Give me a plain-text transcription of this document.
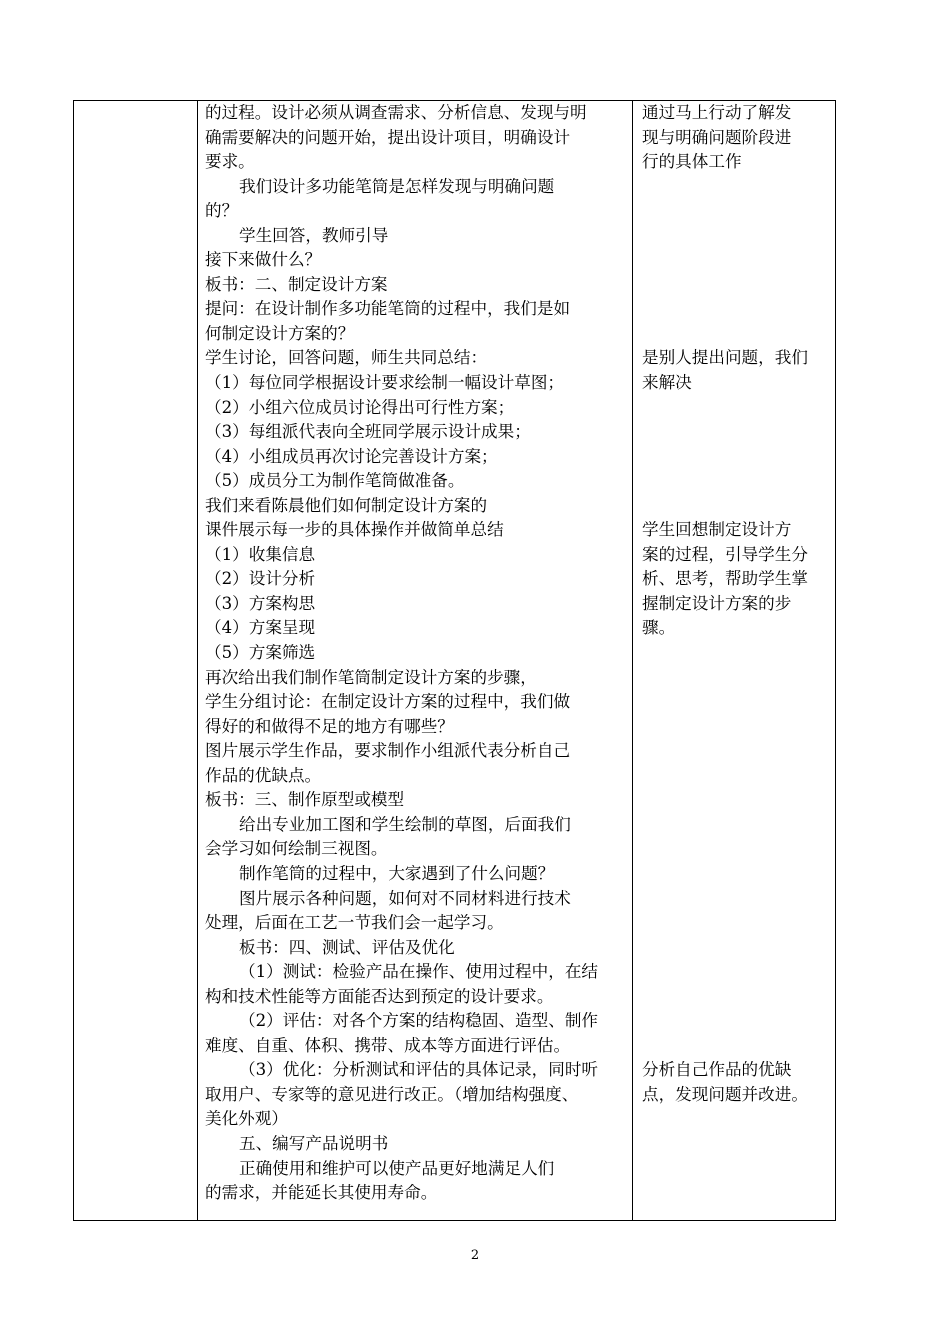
的过程。设计必须从调查需求、分析信息、发现与明
确需要解决的问题开始，提出设计项目，明确设计
要求。
我们设计多功能笔筒是怎样发现与明确问题
的？
学生回答，教师引导
接下来做什么？
板书：二、制定设计方案
提问：在设计制作多功能笔筒的过程中，我们是如
何制定设计方案的？
学生讨论，回答问题，师生共同总结：
（1）每位同学根据设计要求绘制一幅设计草图；
（2）小组六位成员讨论得出可行性方案；
（3）每组派代表向全班同学展示设计成果；
（4）小组成员再次讨论完善设计方案；
（5）成员分工为制作笔筒做准备。
我们来看陈晨他们如何制定设计方案的
课件展示每一步的具体操作并做简单总结
（1）收集信息
（2）设计分析
（3）方案构思
（4）方案呈现
（5）方案筛选
再次给出我们制作笔筒制定设计方案的步骤，
学生分组讨论：在制定设计方案的过程中，我们做
得好的和做得不足的地方有哪些？
图片展示学生作品，要求制作小组派代表分析自己
作品的优缺点。
板书：三、制作原型或模型
给出专业加工图和学生绘制的草图，后面我们
会学习如何绘制三视图。
制作笔筒的过程中，大家遇到了什么问题？
图片展示各种问题，如何对不同材料进行技术
处理，后面在工艺一节我们会一起学习。
板书：四、测试、评估及优化
（1）测试：检验产品在操作、使用过程中，在结
构和技术性能等方面能否达到预定的设计要求。
（2）评估：对各个方案的结构稳固、造型、制作
难度、自重、体积、携带、成本等方面进行评估。
（3）优化：分析测试和评估的具体记录，同时听
取用户、专家等的意见进行改正。（增加结构强度、
美化外观）
五、编写产品说明书
正确使用和维护可以使产品更好地满足人们
的需求，并能延长其使用寿命。
通过马上行动了解发
现与明确问题阶段进
行的具体工作
是别人提出问题，我们
来解决
学生回想制定设计方
案的过程，引导学生分
析、思考，帮助学生掌
握制定设计方案的步
骤。
分析自己作品的优缺
点，发现问题并改进。
2
